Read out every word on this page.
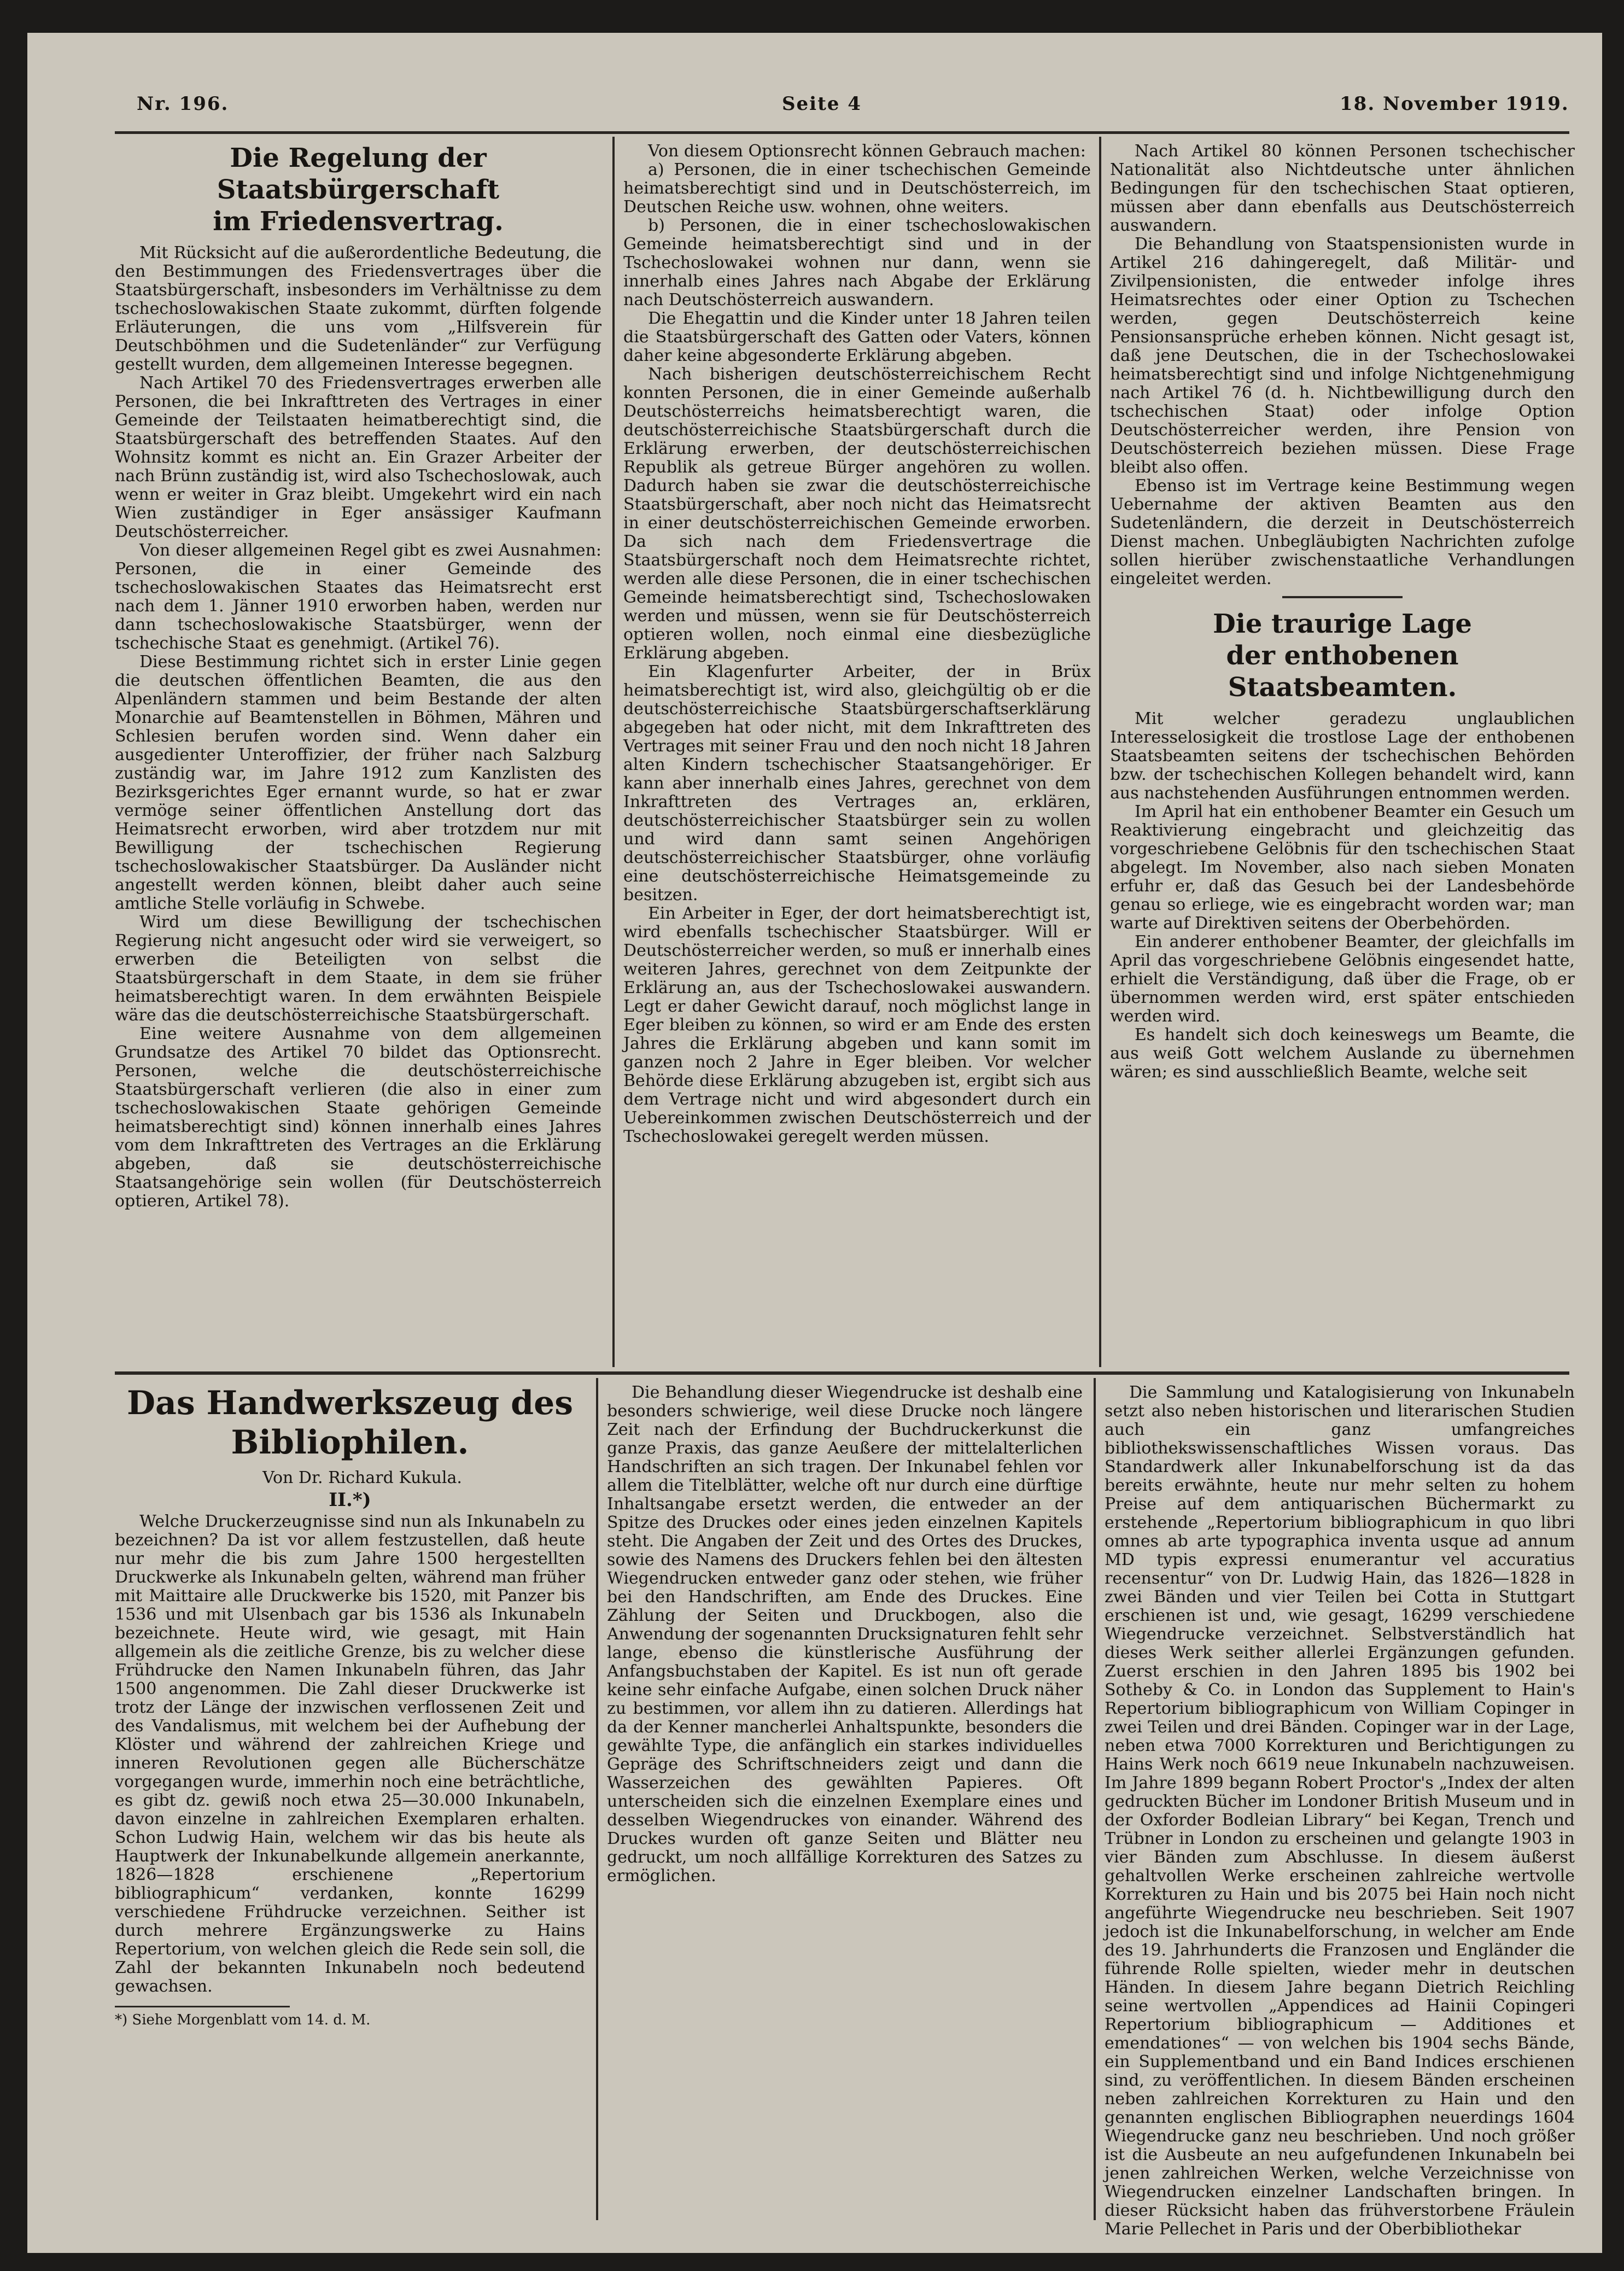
Nr. 196.	Seite 4	18. November 1919.
Die Regelung der Staatsbürgerschaft
im Friedensvertrag.

Mit Rücksicht auf die außerordentliche Bedeutung, die den Bestimmungen des Friedensvertrages über die Staatsbürgerschaft, insbesonders im Verhältnisse zu dem tschechoslowakischen Staate zukommt, dürften folgende Erläuterungen, die uns vom „Hilfsverein für Deutschböhmen und die Sudetenländer“ zur Verfügung gestellt wurden, dem allgemeinen Interesse begegnen.

Nach Artikel 70 des Friedensvertrages erwerben alle Personen, die bei Inkrafttreten des Vertrages in einer Gemeinde der Teilstaaten heimatberechtigt sind, die Staatsbürgerschaft des betreffenden Staates. Auf den Wohnsitz kommt es nicht an. Ein Grazer Arbeiter der nach Brünn zuständig ist, wird also Tschechoslowak, auch wenn er weiter in Graz bleibt. Umgekehrt wird ein nach Wien zuständiger in Eger ansässiger Kaufmann Deutschösterreicher.

Von dieser allgemeinen Regel gibt es zwei Ausnahmen: Personen, die in einer Gemeinde des tschechoslowakischen Staates das Heimatsrecht erst nach dem 1. Jänner 1910 erworben haben, werden nur dann tschechoslowakische Staatsbürger, wenn der tschechische Staat es genehmigt. (Artikel 76).

Diese Bestimmung richtet sich in erster Linie gegen die deutschen öffentlichen Beamten, die aus den Alpenländern stammen und beim Bestande der alten Monarchie auf Beamtenstellen in Böhmen, Mähren und Schlesien berufen worden sind. Wenn daher ein ausgedienter Unteroffizier, der früher nach Salzburg zuständig war, im Jahre 1912 zum Kanzlisten des Bezirksgerichtes Eger ernannt wurde, so hat er zwar vermöge seiner öffentlichen Anstellung dort das Heimatsrecht erworben, wird aber trotzdem nur mit Bewilligung der tschechischen Regierung tschechoslowakischer Staatsbürger. Da Ausländer nicht angestellt werden können, bleibt daher auch seine amtliche Stelle vorläufig in Schwebe.

Wird um diese Bewilligung der tschechischen Regierung nicht angesucht oder wird sie verweigert, so erwerben die Beteiligten von selbst die Staatsbürgerschaft in dem Staate, in dem sie früher heimatsberechtigt waren. In dem erwähnten Beispiele wäre das die deutschösterreichische Staatsbürgerschaft.

Eine weitere Ausnahme von dem allgemeinen Grundsatze des Artikel 70 bildet das Optionsrecht. Personen, welche die deutschösterreichische Staatsbürgerschaft verlieren (die also in einer zum tschechoslowakischen Staate gehörigen Gemeinde heimatsberechtigt sind) können innerhalb eines Jahres vom dem Inkrafttreten des Vertrages an die Erklärung abgeben, daß sie deutschösterreichische Staatsangehörige sein wollen (für Deutschösterreich optieren, Artikel 78).

Von diesem Optionsrecht können Gebrauch machen:

a) Personen, die in einer tschechischen Gemeinde heimatsberechtigt sind und in Deutschösterreich, im Deutschen Reiche usw. wohnen, ohne weiters.

b) Personen, die in einer tschechoslowakischen Gemeinde heimatsberechtigt sind und in der Tschechoslowakei wohnen nur dann, wenn sie innerhalb eines Jahres nach Abgabe der Erklärung nach Deutschösterreich auswandern.

Die Ehegattin und die Kinder unter 18 Jahren teilen die Staatsbürgerschaft des Gatten oder Vaters, können daher keine abgesonderte Erklärung abgeben.

Nach bisherigen deutschösterreichischem Recht konnten Personen, die in einer Gemeinde außerhalb Deutschösterreichs heimatsberechtigt waren, die deutschösterreichische Staatsbürgerschaft durch die Erklärung erwerben, der deutschösterreichischen Republik als getreue Bürger angehören zu wollen. Dadurch haben sie zwar die deutschösterreichische Staatsbürgerschaft, aber noch nicht das Heimatsrecht in einer deutschösterreichischen Gemeinde erworben. Da sich nach dem Friedensvertrage die Staatsbürgerschaft noch dem Heimatsrechte richtet, werden alle diese Personen, die in einer tschechischen Gemeinde heimatsberechtigt sind, Tschechoslowaken werden und müssen, wenn sie für Deutschösterreich optieren wollen, noch einmal eine diesbezügliche Erklärung abgeben.

Ein Klagenfurter Arbeiter, der in Brüx heimatsberechtigt ist, wird also, gleichgültig ob er die deutschösterreichische Staatsbürgerschaftserklärung abgegeben hat oder nicht, mit dem Inkrafttreten des Vertrages mit seiner Frau und den noch nicht 18 Jahren alten Kindern tschechischer Staatsangehöriger. Er kann aber innerhalb eines Jahres, gerechnet von dem Inkrafttreten des Vertrages an, erklären, deutschösterreichischer Staatsbürger sein zu wollen und wird dann samt seinen Angehörigen deutschösterreichischer Staatsbürger, ohne vorläufig eine deutschösterreichische Heimatsgemeinde zu besitzen.

Ein Arbeiter in Eger, der dort heimatsberechtigt ist, wird ebenfalls tschechischer Staatsbürger. Will er Deutschösterreicher werden, so muß er innerhalb eines weiteren Jahres, gerechnet von dem Zeitpunkte der Erklärung an, aus der Tschechoslowakei auswandern. Legt er daher Gewicht darauf, noch möglichst lange in Eger bleiben zu können, so wird er am Ende des ersten Jahres die Erklärung abgeben und kann somit im ganzen noch 2 Jahre in Eger bleiben. Vor welcher Behörde diese Erklärung abzugeben ist, ergibt sich aus dem Vertrage nicht und wird abgesondert durch ein Uebereinkommen zwischen Deutschösterreich und der Tschechoslowakei geregelt werden müssen.

Nach Artikel 80 können Personen tschechischer Nationalität also Nichtdeutsche unter ähnlichen Bedingungen für den tschechischen Staat optieren, müssen aber dann ebenfalls aus Deutschösterreich auswandern.

Die Behandlung von Staatspensionisten wurde in Artikel 216 dahingeregelt, daß Militär- und Zivilpensionisten, die entweder infolge ihres Heimatsrechtes oder einer Option zu Tschechen werden, gegen Deutschösterreich keine Pensionsansprüche erheben können. Nicht gesagt ist, daß jene Deutschen, die in der Tschechoslowakei heimatsberechtigt sind und infolge Nichtgenehmigung nach Artikel 76 (d. h. Nichtbewilligung durch den tschechischen Staat) oder infolge Option Deutschösterreicher werden, ihre Pension von Deutschösterreich beziehen müssen. Diese Frage bleibt also offen.

Ebenso ist im Vertrage keine Bestimmung wegen Uebernahme der aktiven Beamten aus den Sudetenländern, die derzeit in Deutschösterreich Dienst machen. Unbegläubigten Nachrichten zufolge sollen hierüber zwischenstaatliche Verhandlungen eingeleitet werden.

Die traurige Lage
der enthobenen Staatsbeamten.

Mit welcher geradezu unglaublichen Interesselosigkeit die trostlose Lage der enthobenen Staatsbeamten seitens der tschechischen Behörden bzw. der tschechischen Kollegen behandelt wird, kann aus nachstehenden Ausführungen entnommen werden.

Im April hat ein enthobener Beamter ein Gesuch um Reaktivierung eingebracht und gleichzeitig das vorgeschriebene Gelöbnis für den tschechischen Staat abgelegt. Im November, also nach sieben Monaten erfuhr er, daß das Gesuch bei der Landesbehörde genau so erliege, wie es eingebracht worden war; man warte auf Direktiven seitens der Oberbehörden.

Ein anderer enthobener Beamter, der gleichfalls im April das vorgeschriebene Gelöbnis eingesendet hatte, erhielt die Verständigung, daß über die Frage, ob er übernommen werden wird, erst später entschieden werden wird.

Es handelt sich doch keineswegs um Beamte, die aus weiß Gott welchem Auslande zu übernehmen wären; es sind ausschließlich Beamte, welche seit

Das Handwerkszeug des Bibliophilen.

Von Dr. Richard Kukula.

II.*)

Welche Druckerzeugnisse sind nun als Inkunabeln zu bezeichnen? Da ist vor allem festzustellen, daß heute nur mehr die bis zum Jahre 1500 hergestellten Druckwerke als Inkunabeln gelten, während man früher mit Maittaire alle Druckwerke bis 1520, mit Panzer bis 1536 und mit Ulsenbach gar bis 1536 als Inkunabeln bezeichnete. Heute wird, wie gesagt, mit Hain allgemein als die zeitliche Grenze, bis zu welcher diese Frühdrucke den Namen Inkunabeln führen, das Jahr 1500 angenommen. Die Zahl dieser Druckwerke ist trotz der Länge der inzwischen verflossenen Zeit und des Vandalismus, mit welchem bei der Aufhebung der Klöster und während der zahlreichen Kriege und inneren Revolutionen gegen alle Bücherschätze vorgegangen wurde, immerhin noch eine beträchtliche, es gibt dz. gewiß noch etwa 25—30.000 Inkunabeln, davon einzelne in zahlreichen Exemplaren erhalten. Schon Ludwig Hain, welchem wir das bis heute als Hauptwerk der Inkunabelkunde allgemein anerkannte, 1826—1828 erschienene „Repertorium bibliographicum“ verdanken, konnte 16299 verschiedene Frühdrucke verzeichnen. Seither ist durch mehrere Ergänzungswerke zu Hains Repertorium, von welchen gleich die Rede sein soll, die Zahl der bekannten Inkunabeln noch bedeutend gewachsen.

*) Siehe Morgenblatt vom 14. d. M.

Die Behandlung dieser Wiegendrucke ist deshalb eine besonders schwierige, weil diese Drucke noch längere Zeit nach der Erfindung der Buchdruckerkunst die ganze Praxis, das ganze Aeußere der mittelalterlichen Handschriften an sich tragen. Der Inkunabel fehlen vor allem die Titelblätter, welche oft nur durch eine dürftige Inhaltsangabe ersetzt werden, die entweder an der Spitze des Druckes oder eines jeden einzelnen Kapitels steht. Die Angaben der Zeit und des Ortes des Druckes, sowie des Namens des Druckers fehlen bei den ältesten Wiegendrucken entweder ganz oder stehen, wie früher bei den Handschriften, am Ende des Druckes. Eine Zählung der Seiten und Druckbogen, also die Anwendung der sogenannten Drucksignaturen fehlt sehr lange, ebenso die künstlerische Ausführung der Anfangsbuchstaben der Kapitel. Es ist nun oft gerade keine sehr einfache Aufgabe, einen solchen Druck näher zu bestimmen, vor allem ihn zu datieren. Allerdings hat da der Kenner mancherlei Anhaltspunkte, besonders die gewählte Type, die anfänglich ein starkes individuelles Gepräge des Schriftschneiders zeigt und dann die Wasserzeichen des gewählten Papieres. Oft unterscheiden sich die einzelnen Exemplare eines und desselben Wiegendruckes von einander. Während des Druckes wurden oft ganze Seiten und Blätter neu gedruckt, um noch allfällige Korrekturen des Satzes zu ermöglichen.

Die Sammlung und Katalogisierung von Inkunabeln setzt also neben historischen und literarischen Studien auch ein ganz umfangreiches bibliothekswissenschaftliches Wissen voraus. Das Standardwerk aller Inkunabelforschung ist da das bereits erwähnte, heute nur mehr selten zu hohem Preise auf dem antiquarischen Büchermarkt zu erstehende „Repertorium bibliographicum in quo libri omnes ab arte typographica inventa usque ad annum MD typis expressi enumerantur vel accuratius recensentur“ von Dr. Ludwig Hain, das 1826—1828 in zwei Bänden und vier Teilen bei Cotta in Stuttgart erschienen ist und, wie gesagt, 16299 verschiedene Wiegendrucke verzeichnet. Selbstverständlich hat dieses Werk seither allerlei Ergänzungen gefunden. Zuerst erschien in den Jahren 1895 bis 1902 bei Sotheby & Co. in London das Supplement to Hain's Repertorium bibliographicum von William Copinger in zwei Teilen und drei Bänden. Copinger war in der Lage, neben etwa 7000 Korrekturen und Berichtigungen zu Hains Werk noch 6619 neue Inkunabeln nachzuweisen. Im Jahre 1899 begann Robert Proctor's „Index der alten gedruckten Bücher im Londoner British Museum und in der Oxforder Bodleian Library“ bei Kegan, Trench und Trübner in London zu erscheinen und gelangte 1903 in vier Bänden zum Abschlusse. In diesem äußerst gehaltvollen Werke erscheinen zahlreiche wertvolle Korrekturen zu Hain und bis 2075 bei Hain noch nicht angeführte Wiegendrucke neu beschrieben. Seit 1907 jedoch ist die Inkunabelforschung, in welcher am Ende des 19. Jahrhunderts die Franzosen und Engländer die führende Rolle spielten, wieder mehr in deutschen Händen. In diesem Jahre begann Dietrich Reichling seine wertvollen „Appendices ad Hainii Copingeri Repertorium bibliographicum — Additiones et emendationes“ — von welchen bis 1904 sechs Bände, ein Supplementband und ein Band Indices erschienen sind, zu veröffentlichen. In diesem Bänden erscheinen neben zahlreichen Korrekturen zu Hain und den genannten englischen Bibliographen neuerdings 1604 Wiegendrucke ganz neu beschrieben. Und noch größer ist die Ausbeute an neu aufgefundenen Inkunabeln bei jenen zahlreichen Werken, welche Verzeichnisse von Wiegendrucken einzelner Landschaften bringen. In dieser Rücksicht haben das frühverstorbene Fräulein Marie Pellechet in Paris und der Oberbibliothekar
